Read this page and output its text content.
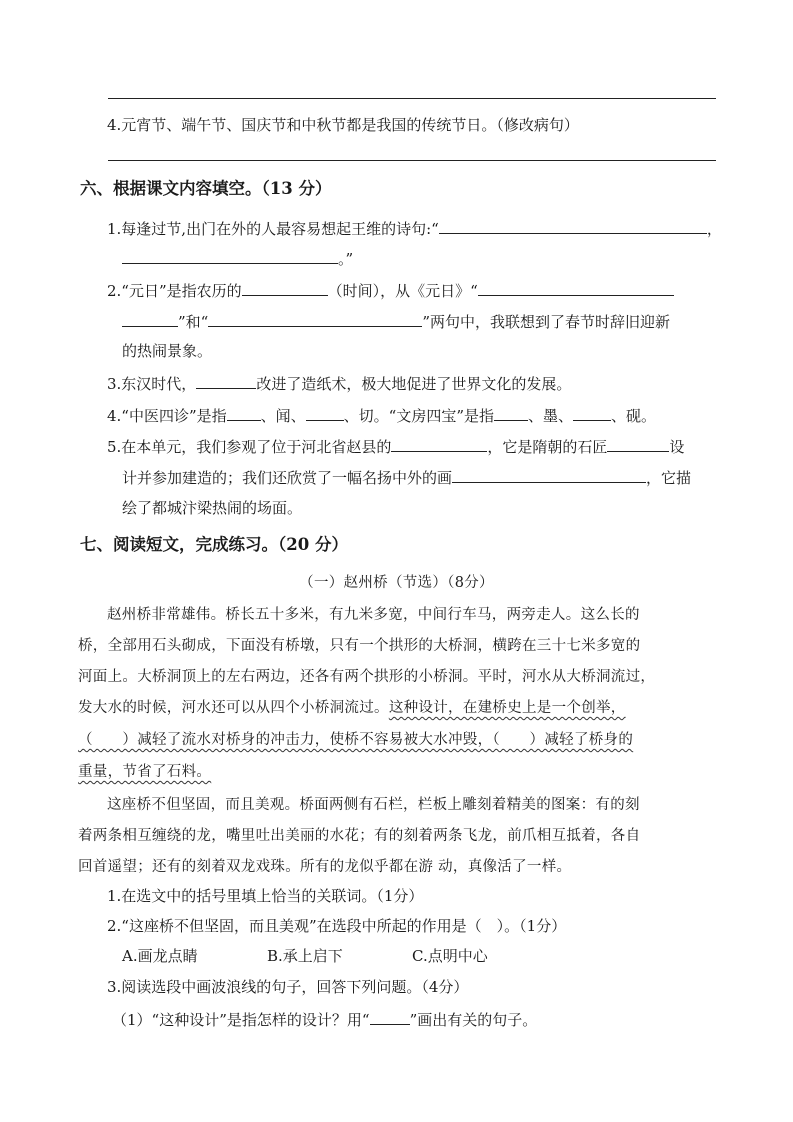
4.元宵节、端午节、国庆节和中秋节都是我国的传统节日。（修改病句）
六、根据课文内容填空。（13 分）
1.每逢过节,出门在外的人最容易想起王维的诗句:“	，
。”
2.“元日”是指农历的	（时间），从《元日》“
”和“	”两句中，我联想到了春节时辞旧迎新
的热闹景象。
3.东汉时代，	改进了造纸术，极大地促进了世界文化的发展。
4.“中医四诊”是指 、闻、	、切。“文房四宝”是指 、墨、	、砚。
5.在本单元，我们参观了位于河北省赵县的	，它是隋朝的石匠	设
计并参加建造的；我们还欣赏了一幅名扬中外的画	，它描
绘了都城汴梁热闹的场面。
七、阅读短文，完成练习。（20 分）
（一）赵州桥（节选）（8分）
赵州桥非常雄伟。桥长五十多米，有九米多宽，中间行车马，两旁走人。这么长的
桥，全部用石头砌成，下面没有桥墩，只有一个拱形的大桥洞，横跨在三十七米多宽的
河面上。大桥洞顶上的左右两边，还各有两个拱形的小桥洞。平时，河水从大桥洞流过，
发大水的时候，河水还可以从四个小桥洞流过。这种设计，在建桥史上是一个创举，
（　　）减轻了流水对桥身的冲击力，使桥不容易被大水冲毁，（　　）减轻了桥身的
重量，节省了石料。
这座桥不但坚固，而且美观。桥面两侧有石栏，栏板上雕刻着精美的图案：有的刻
着两条相互缠绕的龙，嘴里吐出美丽的水花；有的刻着两条飞龙，前爪相互抵着，各自
回首遥望；还有的刻着双龙戏珠。所有的龙似乎都在游 动，真像活了一样。
1.在选文中的括号里填上恰当的关联词。（1分）
2.“这座桥不但坚固，而且美观”在选段中所起的作用是（　）。（1分）
A.画龙点睛	B.承上启下	C.点明中心
3.阅读选段中画波浪线的句子，回答下列问题。（4分）
（1）“这种设计”是指怎样的设计？用“	”画出有关的句子。
